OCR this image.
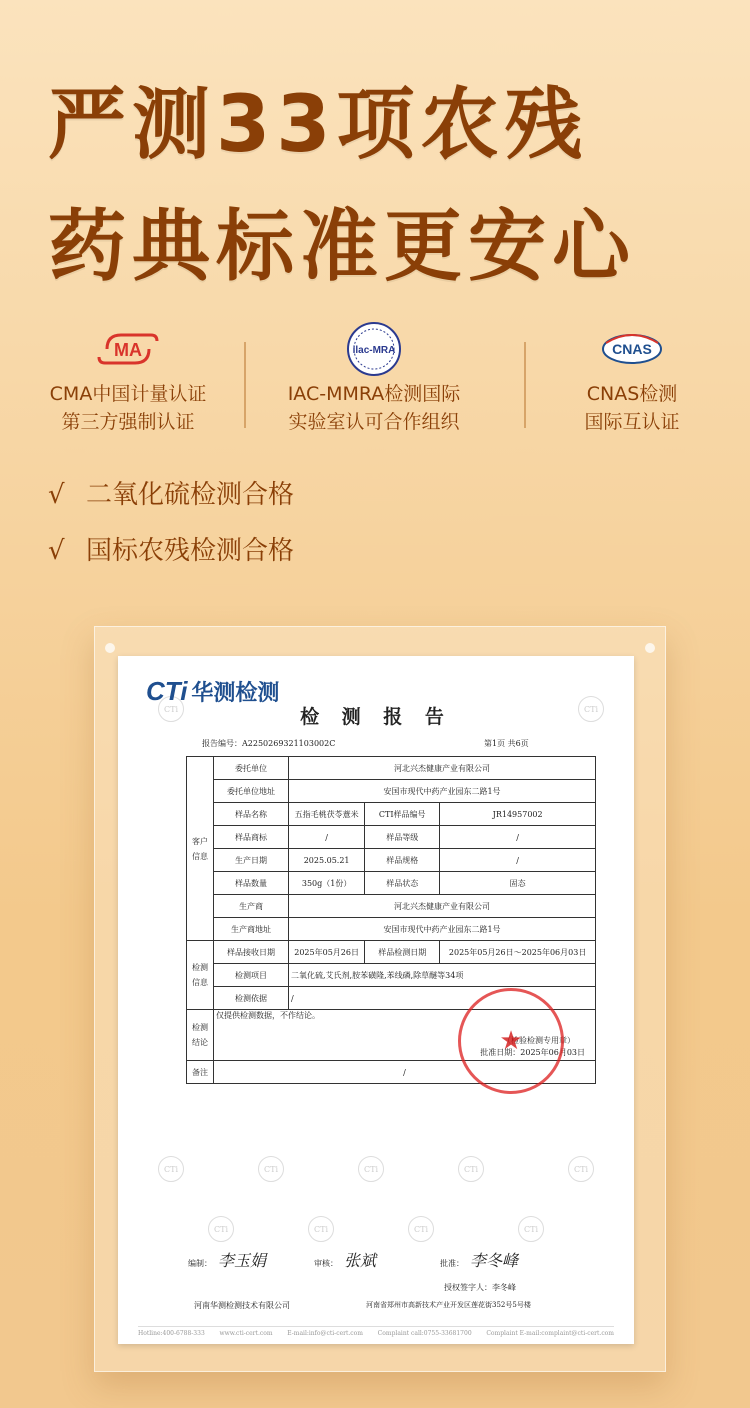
严测33项农残
药典标准更安心
MA
CMA中国计量认证
第三方强制认证
ilac-MRA
IAC-MMRA检测国际
实验室认可合作组织
CNAS
CNAS检测
国际互认证
√ 二氧化硫检测合格
√ 国标农残检测合格
CTi	CTi
CTi	CTi	CTi	CTi	CTi
CTi	CTi	CTi	CTi
CTi 华测检测
检 测 报 告
报告编号：A2250269321103002C	第1页 共6页
客户信息	委托单位	河北兴杰健康产业有限公司		
	委托单位地址	安国市现代中药产业园东二路1号		
	样品名称	五指毛桃茯苓薏米	CTI样品编号	JR14957002
	样品商标	/	样品等级	/
	生产日期	2025.05.21	样品规格	/
	样品数量	350g（1份）	样品状态	固态
	生产商	河北兴杰健康产业有限公司		
	生产商地址	安国市现代中药产业园东二路1号		
检测信息	样品接收日期	2025年05月26日	样品检测日期	2025年05月26日～2025年06月03日
	检测项目	二氧化硫,艾氏剂,胺苯磺隆,苯线磷,除草醚等34项		
	检测依据	/		
检测结论	仅提供检测数据，不作结论。
（检验检测专用章）
批准日期：2025年06月03日			

备注	/			
★
编制： 李玉娟	审核： 张斌	批准： 李冬峰
授权签字人：李冬峰
河南华测检测技术有限公司	河南省郑州市高新技术产业开发区莲花街352号5号楼
Hotline:400-6788-333 www.cti-cert.com E-mail:info@cti-cert.com Complaint call:0755-33681700 Complaint E-mail:complaint@cti-cert.com
